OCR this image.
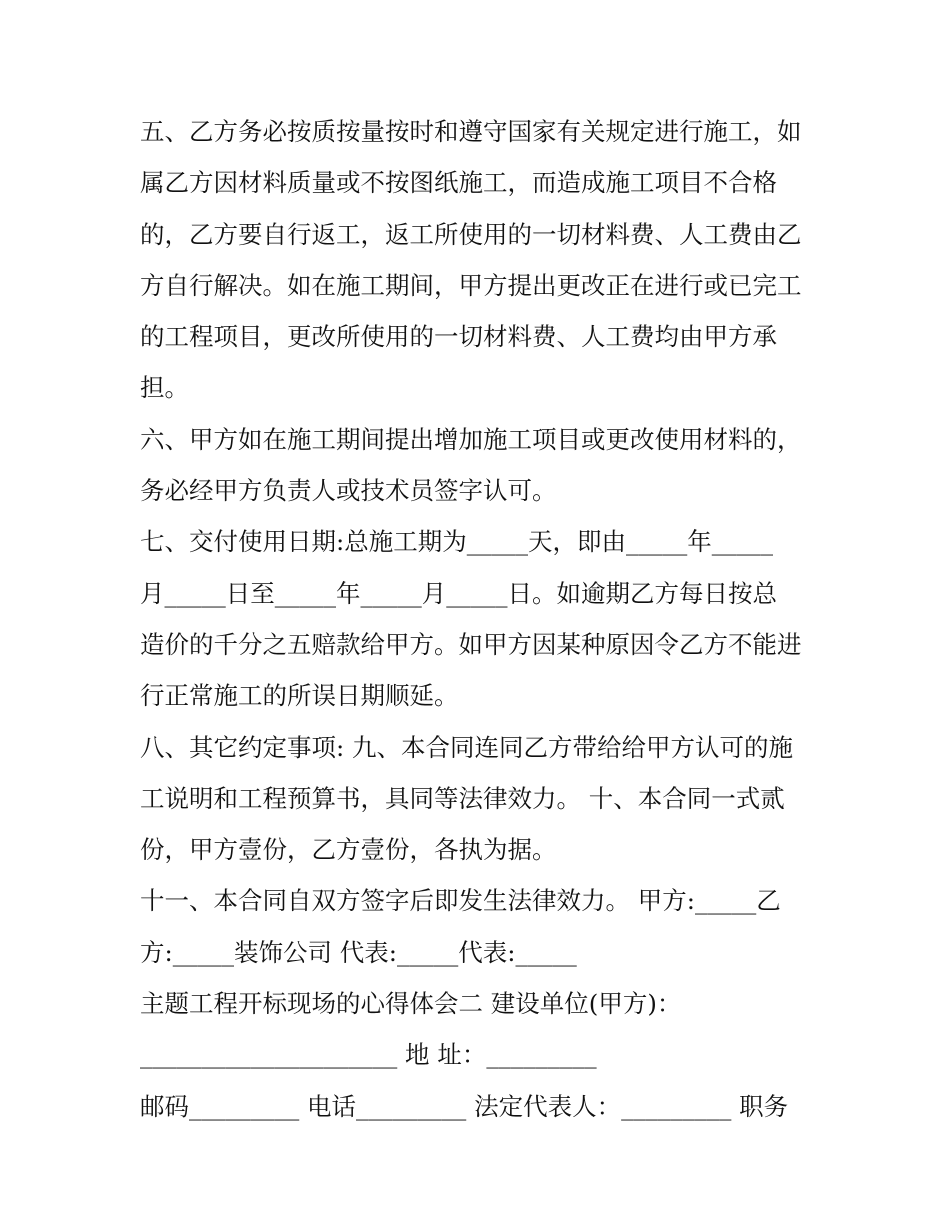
五、乙方务必按质按量按时和遵守国家有关规定进行施工，如
属乙方因材料质量或不按图纸施工，而造成施工项目不合格
的，乙方要自行返工，返工所使用的一切材料费、人工费由乙
方自行解决。如在施工期间，甲方提出更改正在进行或已完工
的工程项目，更改所使用的一切材料费、人工费均由甲方承
担。
六、甲方如在施工期间提出增加施工项目或更改使用材料的，
务必经甲方负责人或技术员签字认可。
七、交付使用日期:总施工期为_____天，即由_____年_____
月_____日至_____年_____月_____日。如逾期乙方每日按总
造价的千分之五赔款给甲方。如甲方因某种原因令乙方不能进
行正常施工的所误日期顺延。
八、其它约定事项: 九、本合同连同乙方带给给甲方认可的施
工说明和工程预算书，具同等法律效力。 十、本合同一式贰
份，甲方壹份，乙方壹份，各执为据。
十一、本合同自双方签字后即发生法律效力。 甲方:_____乙
方:_____装饰公司 代表:_____代表:_____
主题工程开标现场的心得体会二 建设单位(甲方)：
_____________________ 地 址：_________
邮码_________ 电话_________ 法定代表人：_________ 职务
